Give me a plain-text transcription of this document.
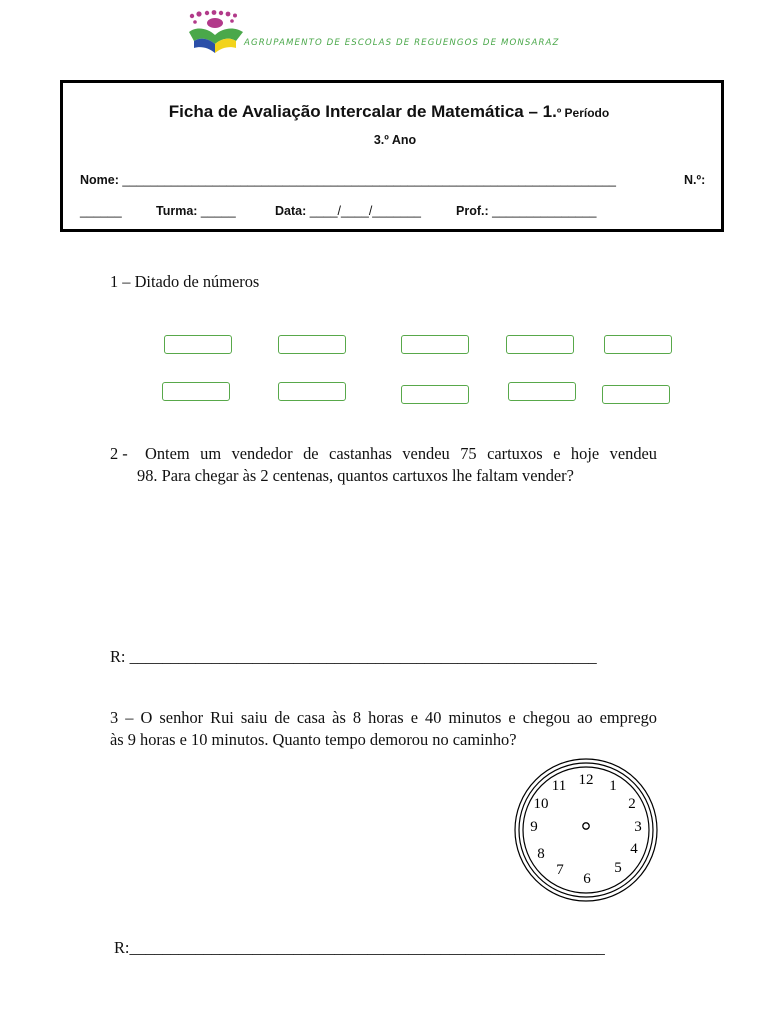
AGRUPAMENTO DE ESCOLAS DE REGUENGOS DE MONSARAZ
Ficha de Avaliação Intercalar de Matemática – 1.º Período
3.º Ano
Nome: _______________________________________________________________________	N.º:
______	Turma: _____	Data: ____/____/_______	Prof.: _______________
1 – Ditado de números
2 - Ontem um vendedor de castanhas vendeu 75 cartuxos e hoje vendeu
98. Para chegar às 2 centenas, quantos cartuxos lhe faltam vender?
R: _________________________________________________________
3 – O senhor Rui saiu de casa às 8 horas e 40 minutos e chegou ao emprego
às 9 horas e 10 minutos. Quanto tempo demorou no caminho?
12 1
2
3
4
5
6
7
8
9
10
11
R:__________________________________________________________
